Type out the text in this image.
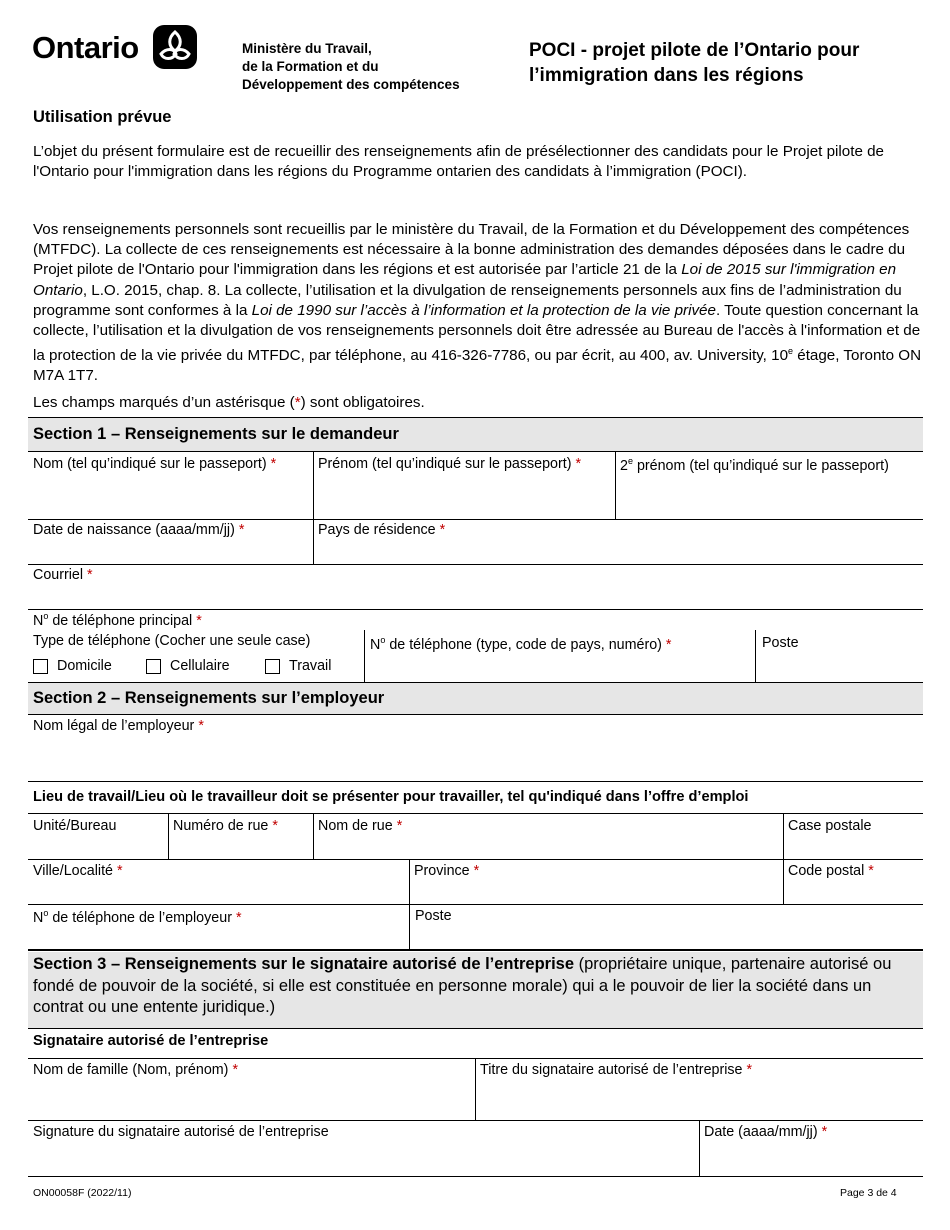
Ontario	Ministère du Travail,
de la Formation et du
Développement des compétences
POCI - projet pilote de l’Ontario pour
l’immigration dans les régions
Utilisation prévue
L’objet du présent formulaire est de recueillir des renseignements afin de présélectionner des candidats pour le Projet pilote de l'Ontario pour l'immigration dans les régions du Programme ontarien des candidats à l’immigration (POCI).
Vos renseignements personnels sont recueillis par le ministère du Travail, de la Formation et du Développement des compétences (MTFDC). La collecte de ces renseignements est nécessaire à la bonne administration des demandes déposées dans le cadre du Projet pilote de l'Ontario pour l'immigration dans les régions et est autorisée par l’article 21 de la Loi de 2015 sur l'immigration en Ontario, L.O. 2015, chap. 8. La collecte, l’utilisation et la divulgation de renseignements personnels aux fins de l’administration du programme sont conformes à la Loi de 1990 sur l’accès à l’information et la protection de la vie privée. Toute question concernant la collecte, l’utilisation et la divulgation de vos renseignements personnels doit être adressée au Bureau de l'accès à l'information et de la protection de la vie privée du MTFDC, par téléphone, au 416-326-7786, ou par écrit, au 400, av. University, 10e étage, Toronto ON M7A 1T7.
Les champs marqués d’un astérisque (*) sont obligatoires.
Section 1 – Renseignements sur le demandeur
Nom (tel qu’indiqué sur le passeport) *	Prénom (tel qu’indiqué sur le passeport) *	2e prénom (tel qu’indiqué sur le passeport)
Date de naissance (aaaa/mm/jj) *	Pays de résidence *
Courriel *
$N^o$ de téléphone principal *
Type de téléphone (Cocher une seule case)
Domicile	Cellulaire	Travail
$N^o$ de téléphone (type, code de pays, numéro) *	Poste
Section 2 – Renseignements sur l’employeur
Nom légal de l’employeur *
Lieu de travail/Lieu où le travailleur doit se présenter pour travailler, tel qu'indiqué dans l’offre d’emploi
Unité/Bureau	Numéro de rue *	Nom de rue *	Case postale
Ville/Localité *	Province *	Code postal *
$N^o$ de téléphone de l’employeur *	Poste
Section 3 – Renseignements sur le signataire autorisé de l’entreprise (propriétaire unique, partenaire autorisé ou fondé de pouvoir de la société, si elle est constituée en personne morale) qui a le pouvoir de lier la société dans un contrat ou une entente juridique.)
Signataire autorisé de l’entreprise
Nom de famille (Nom, prénom) *	Titre du signataire autorisé de l’entreprise *
Signature du signataire autorisé de l’entreprise	Date (aaaa/mm/jj) *
ON00058F (2022/11)	Page 3 de 4
